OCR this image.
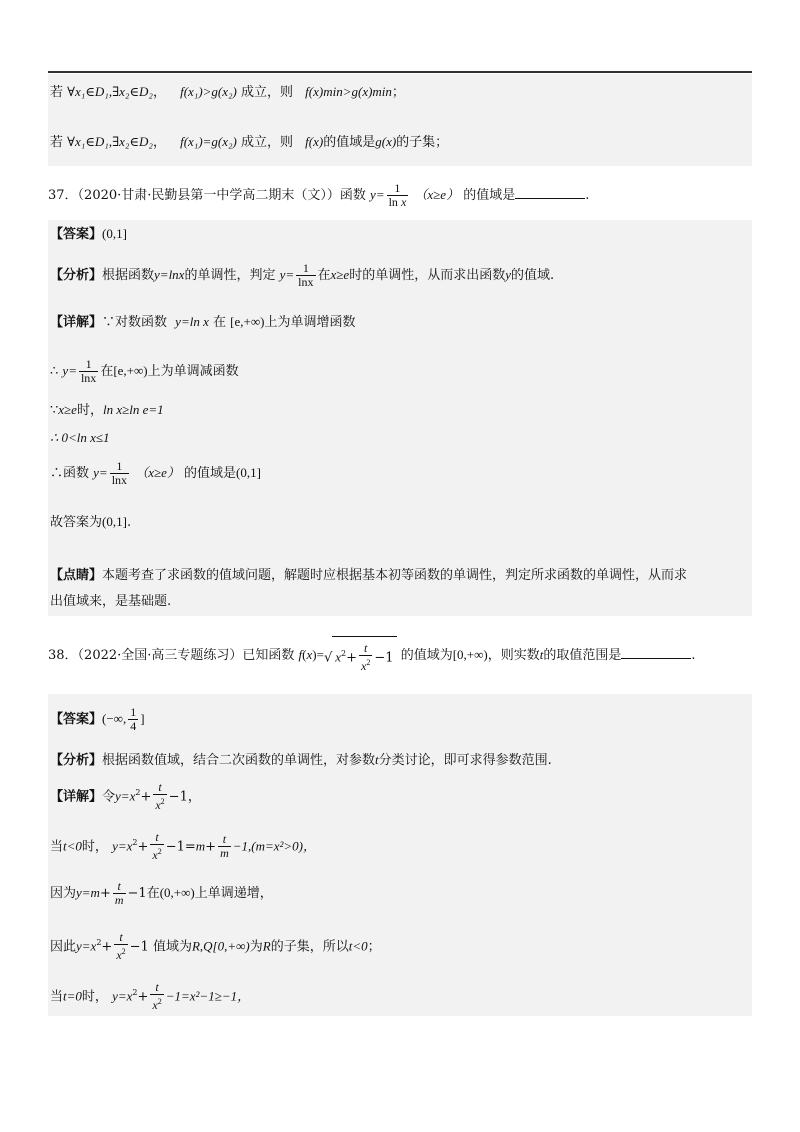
若 ∀x₁∈D₁,∃x₂∈D₂， f(x₁)>g(x₂) 成立，则 f(x)min>g(x)min；
若 ∀x₁∈D₁,∃x₂∈D₂， f(x₁)=g(x₂) 成立，则 f(x)的值域是g(x)的子集；
37．（2020·甘肃·民勤县第一中学高二期末（文））函数 $y= \frac{1}{\text{ln x}} (x\ge e)$ 的值域是	.
【答案】(0,1]
【分析】根据函数y=lnx的单调性，判定 $y= \frac{1}{\ln x}$ 在x≥e时的单调性，从而求出函数y的值域.
【详解】∵对数函数 y=ln x 在 [e,+∞)上为单调增函数
∴ $y= \frac{1}{\ln x}$ 在[e,+∞)上为单调减函数
∵x≥e时，ln x≥ln e=1
∴ 0<ln x≤1
∴函数 $y= \frac{1}{\ln x} (x\ge e)$ 的值域是(0,1]
故答案为(0,1].
【点睛】本题考查了求函数的值域问题，解题时应根据基本初等函数的单调性，判定所求函数的单调性，从而求
出值域来，是基础题.
38．（2022·全国·高三专题练习）已知函数 f(x)=√ $x^2+ \frac{t}{x^2} -1$ 的值域为[0,+∞)，则实数t的取值范围是	.
【答案】(−∞, $\frac{1}{4}$ ]
【分析】根据函数值域，结合二次函数的单调性，对参数t分类讨论，即可求得参数范围.
【详解】令$y=x^2+ \frac{t}{x^2} -1$，
当t<0时， $y=x^2+ \frac{t}{x^2} -1=m+ \frac{t}{m} -1,(m=x^2>0)$，
因为$y=m+ \frac{t}{m} -1$在(0,+∞)上单调递增，
因此$y=x^2+ \frac{t}{x^2} -1$ 值域为R,Q[0,+∞)为R的子集，所以t<0；
当t=0时， $y=x^2+ \frac{t}{x^2} -1=x^2-1\ge-1$，
